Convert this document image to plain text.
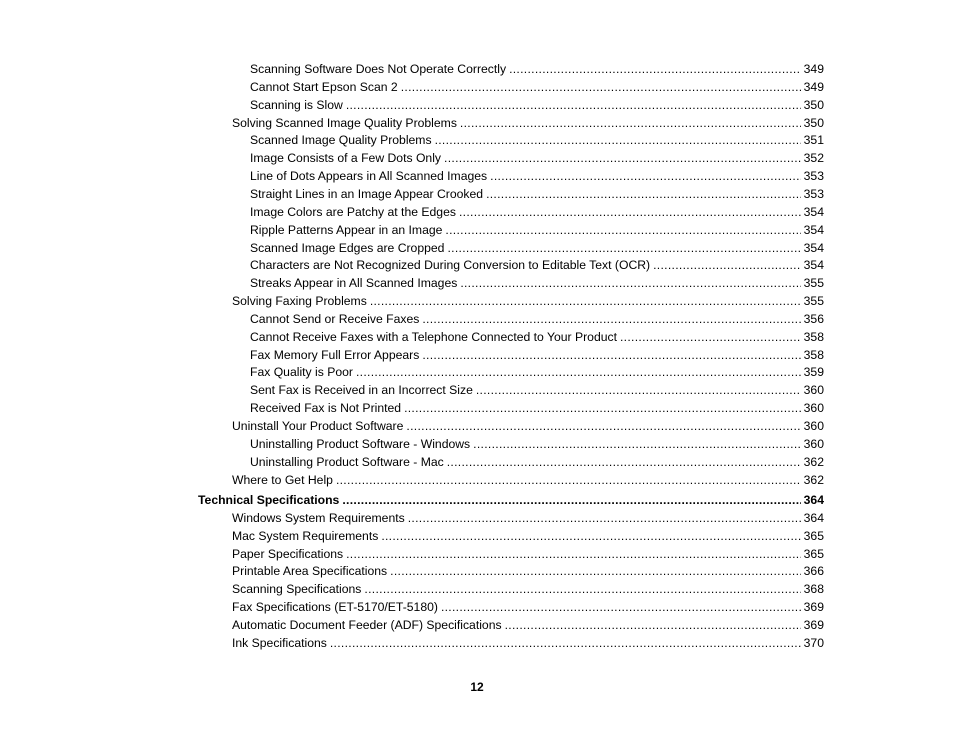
Scanning Software Does Not Operate Correctly .....	349
Cannot Start Epson Scan 2 .....	349
Scanning is Slow .....	350
Solving Scanned Image Quality Problems .....	350
Scanned Image Quality Problems .....	351
Image Consists of a Few Dots Only .....	352
Line of Dots Appears in All Scanned Images .....	353
Straight Lines in an Image Appear Crooked .....	353
Image Colors are Patchy at the Edges .....	354
Ripple Patterns Appear in an Image .....	354
Scanned Image Edges are Cropped .....	354
Characters are Not Recognized During Conversion to Editable Text (OCR) .....	354
Streaks Appear in All Scanned Images .....	355
Solving Faxing Problems .....	355
Cannot Send or Receive Faxes .....	356
Cannot Receive Faxes with a Telephone Connected to Your Product .....	358
Fax Memory Full Error Appears .....	358
Fax Quality is Poor .....	359
Sent Fax is Received in an Incorrect Size .....	360
Received Fax is Not Printed .....	360
Uninstall Your Product Software .....	360
Uninstalling Product Software - Windows .....	360
Uninstalling Product Software - Mac .....	362
Where to Get Help .....	362
Technical Specifications .....	364
Windows System Requirements .....	364
Mac System Requirements .....	365
Paper Specifications .....	365
Printable Area Specifications .....	366
Scanning Specifications .....	368
Fax Specifications (ET-5170/ET-5180) .....	369
Automatic Document Feeder (ADF) Specifications .....	369
Ink Specifications .....	370
12
